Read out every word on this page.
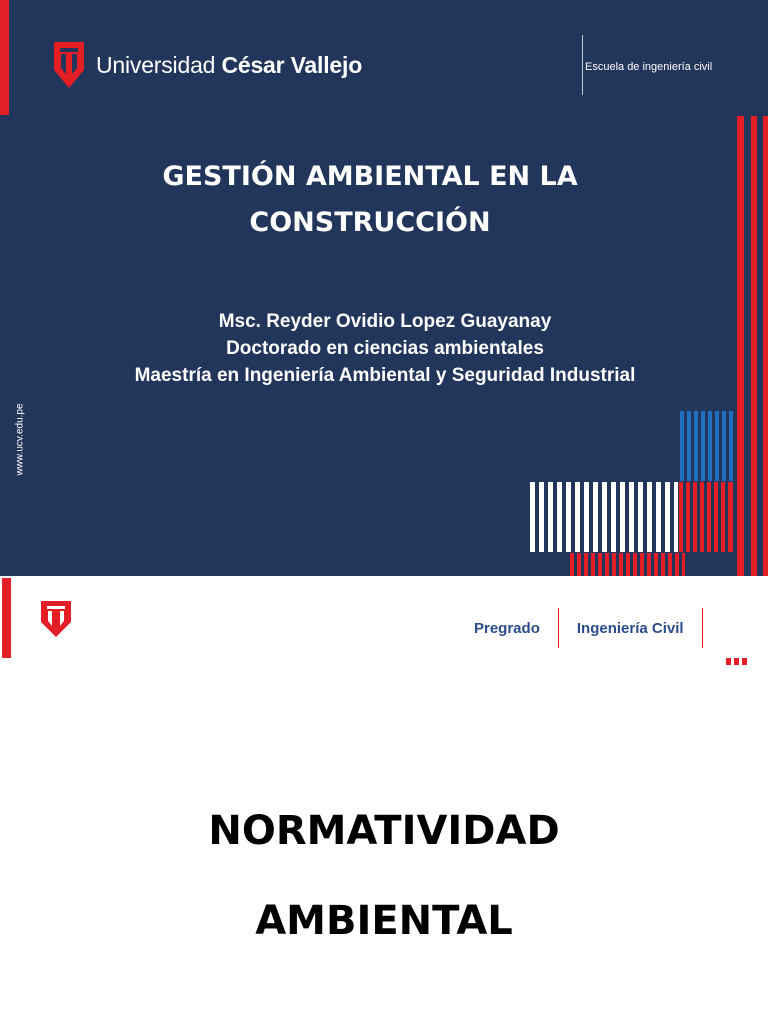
Universidad César Vallejo	Escuela de ingeniería civil
GESTIÓN AMBIENTAL EN LA
CONSTRUCCIÓN
Msc. Reyder Ovidio Lopez Guayanay
Doctorado en ciencias ambientales
Maestría en Ingeniería Ambiental y Seguridad Industrial
www.ucv.edu.pe
Pregrado Ingeniería Civil
NORMATIVIDAD
AMBIENTAL
